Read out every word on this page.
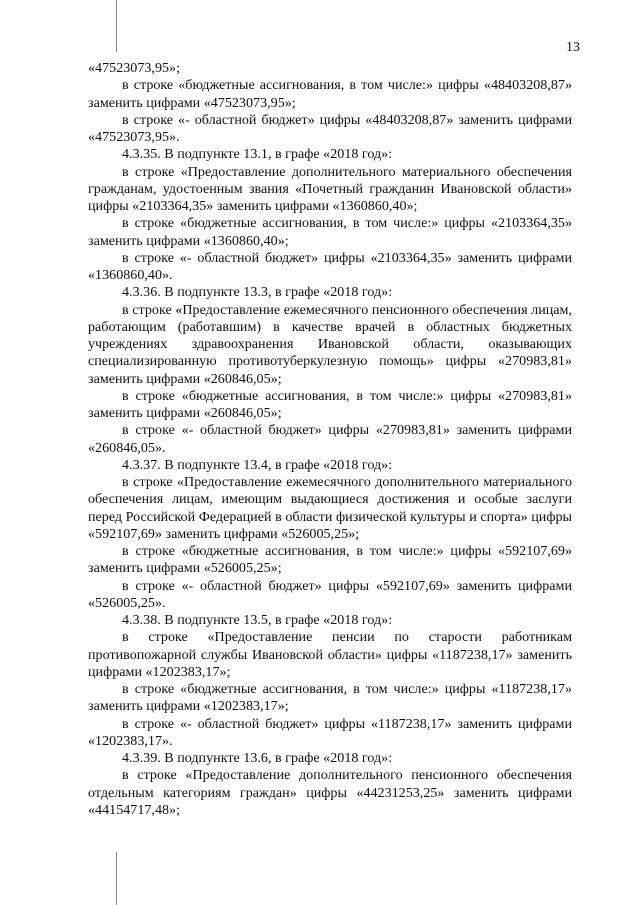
13

«47523073,95»;

в строке «бюджетные ассигнования, в том числе:» цифры «48403208,87» заменить цифрами «47523073,95»;

в строке «- областной бюджет» цифры «48403208,87» заменить цифрами «47523073,95».

4.3.35. В подпункте 13.1, в графе «2018 год»:

в строке «Предоставление дополнительного материального обеспечения гражданам, удостоенным звания «Почетный гражданин Ивановской области» цифры «2103364,35» заменить цифрами «1360860,40»;

в строке «бюджетные ассигнования, в том числе:» цифры «2103364,35» заменить цифрами «1360860,40»;

в строке «- областной бюджет» цифры «2103364,35» заменить цифрами «1360860,40».

4.3.36. В подпункте 13.3, в графе «2018 год»:

в строке «Предоставление ежемесячного пенсионного обеспечения лицам, работающим (работавшим) в качестве врачей в областных бюджетных учреждениях здравоохранения Ивановской области, оказывающих специализированную противотуберкулезную помощь» цифры «270983,81» заменить цифрами «260846,05»;

в строке «бюджетные ассигнования, в том числе:» цифры «270983,81» заменить цифрами «260846,05»;

в строке «- областной бюджет» цифры «270983,81» заменить цифрами «260846,05».

4.3.37. В подпункте 13.4, в графе «2018 год»:

в строке «Предоставление ежемесячного дополнительного материального обеспечения лицам, имеющим выдающиеся достижения и особые заслуги перед Российской Федерацией в области физической культуры и спорта» цифры «592107,69» заменить цифрами «526005,25»;

в строке «бюджетные ассигнования, в том числе:» цифры «592107,69» заменить цифрами «526005,25»;

в строке «- областной бюджет» цифры «592107,69» заменить цифрами «526005,25».

4.3.38. В подпункте 13.5, в графе «2018 год»:

в строке «Предоставление пенсии по старости работникам противопожарной службы Ивановской области» цифры «1187238,17» заменить цифрами «1202383,17»;

в строке «бюджетные ассигнования, в том числе:» цифры «1187238,17» заменить цифрами «1202383,17»;

в строке «- областной бюджет» цифры «1187238,17» заменить цифрами «1202383,17».

4.3.39. В подпункте 13.6, в графе «2018 год»:

в строке «Предоставление дополнительного пенсионного обеспечения отдельным категориям граждан» цифры «44231253,25» заменить цифрами «44154717,48»;
